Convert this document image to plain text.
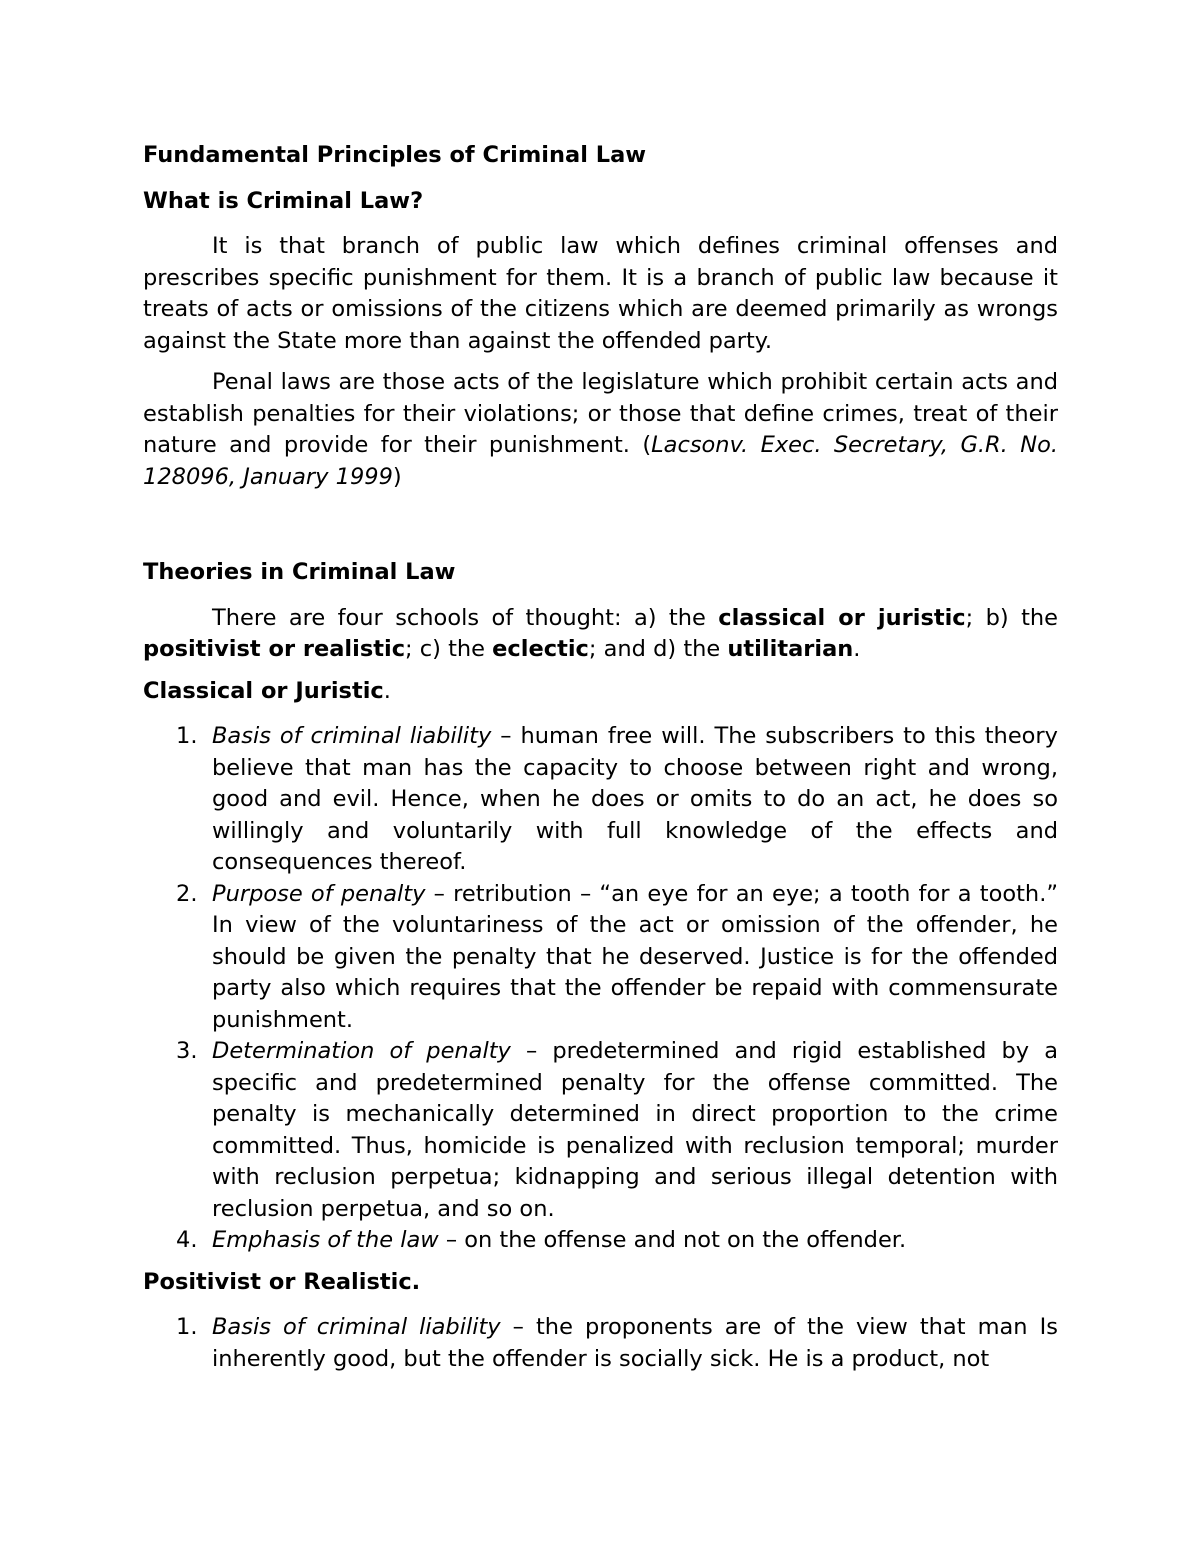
Fundamental Principles of Criminal Law

What is Criminal Law?

It is that branch of public law which defines criminal offenses and prescribes specific punishment for them. It is a branch of public law because it treats of acts or omissions of the citizens which are deemed primarily as wrongs against the State more than against the offended party.

Penal laws are those acts of the legislature which prohibit certain acts and establish penalties for their violations; or those that define crimes, treat of their nature and provide for their punishment. (Lacsonv. Exec. Secretary, G.R. No. 128096, January 1999)

Theories in Criminal Law

There are four schools of thought: a) the classical or juristic; b) the positivist or realistic; c) the eclectic; and d) the utilitarian.

Classical or Juristic.

1. Basis of criminal liability – human free will. The subscribers to this theory believe that man has the capacity to choose between right and wrong, good and evil. Hence, when he does or omits to do an act, he does so willingly and voluntarily with full knowledge of the effects and consequences thereof.
2. Purpose of penalty – retribution – “an eye for an eye; a tooth for a tooth.” In view of the voluntariness of the act or omission of the offender, he should be given the penalty that he deserved. Justice is for the offended party also which requires that the offender be repaid with commensurate punishment.
3. Determination of penalty – predetermined and rigid established by a specific and predetermined penalty for the offense committed. The penalty is mechanically determined in direct proportion to the crime committed. Thus, homicide is penalized with reclusion temporal; murder with reclusion perpetua; kidnapping and serious illegal detention with reclusion perpetua, and so on.
4. Emphasis of the law – on the offense and not on the offender.

Positivist or Realistic.

1. Basis of criminal liability – the proponents are of the view that man Is inherently good, but the offender is socially sick. He is a product, not
